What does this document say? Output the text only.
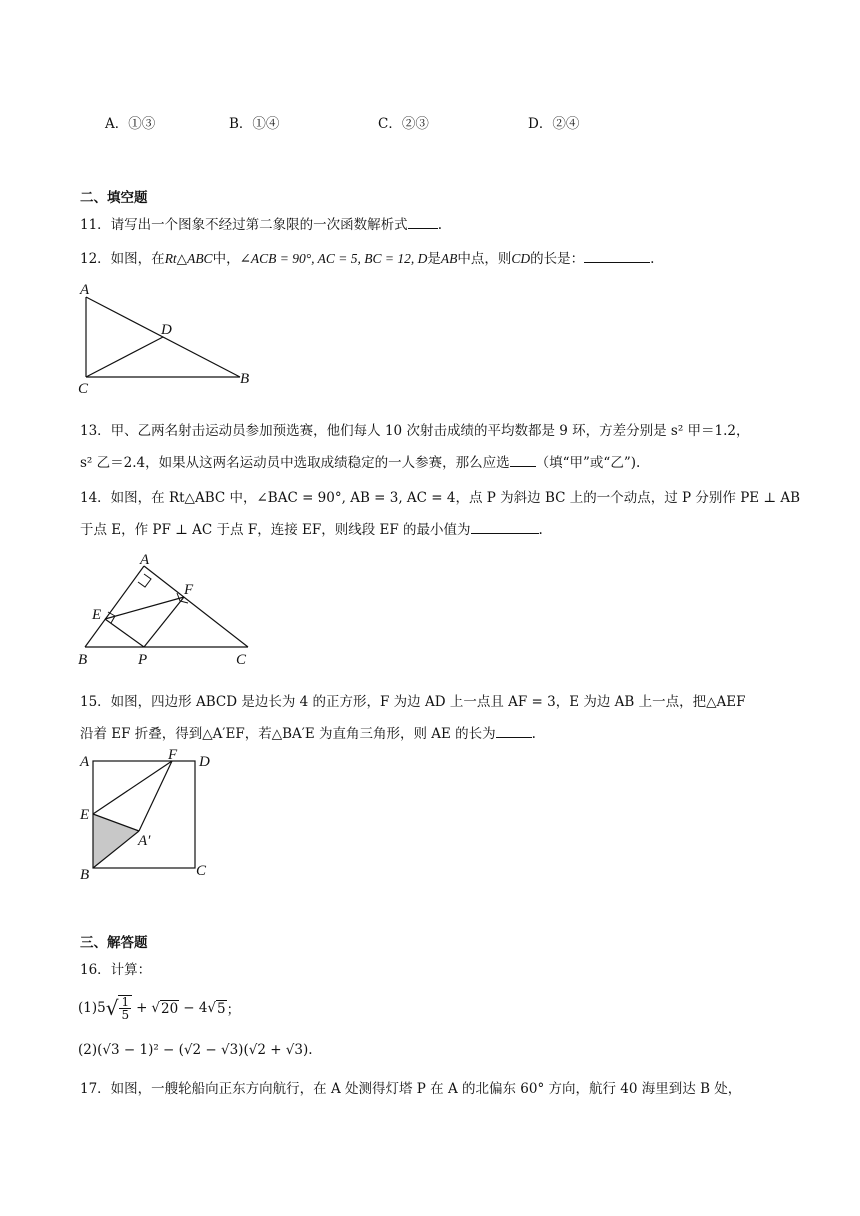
A．①③	B．①④	C．②③	D．②④
二、填空题
11．请写出一个图象不经过第二象限的一次函数解析式 .
12．如图，在Rt△ABC中，∠ACB = 90°, AC = 5, BC = 12, D是AB中点，则CD的长是：	.
A
D
C
B
13．甲、乙两名射击运动员参加预选赛，他们每人 10 次射击成绩的平均数都是 9 环，方差分别是 s² 甲＝1.2，
s² 乙＝2.4，如果从这两名运动员中选取成绩稳定的一人参赛，那么应选 （填“甲”或“乙”).
14．如图，在 Rt△ABC 中，∠BAC = 90°, AB = 3, AC = 4，点 P 为斜边 BC 上的一个动点，过 P 分别作 PE ⊥ AB
于点 E，作 PF ⊥ AC 于点 F，连接 EF，则线段 EF 的最小值为	.
A
F
E
B	P	C
15．如图，四边形 ABCD 是边长为 4 的正方形，F 为边 AD 上一点且 AF = 3，E 为边 AB 上一点，把△AEF
沿着 EF 折叠，得到△A′EF，若△BA′E 为直角三角形，则 AE 的长为	.
A	F D
E
A′
B	C
三、解答题
16．计算：
(1) 5 √ $\frac{1}{5}$ + √ 20 − 4 √ 5 ；
(2)(√3 − 1)² − (√2 − √3)(√2 + √3).
17．如图，一艘轮船向正东方向航行，在 A 处测得灯塔 P 在 A 的北偏东 60° 方向，航行 40 海里到达 B 处，
